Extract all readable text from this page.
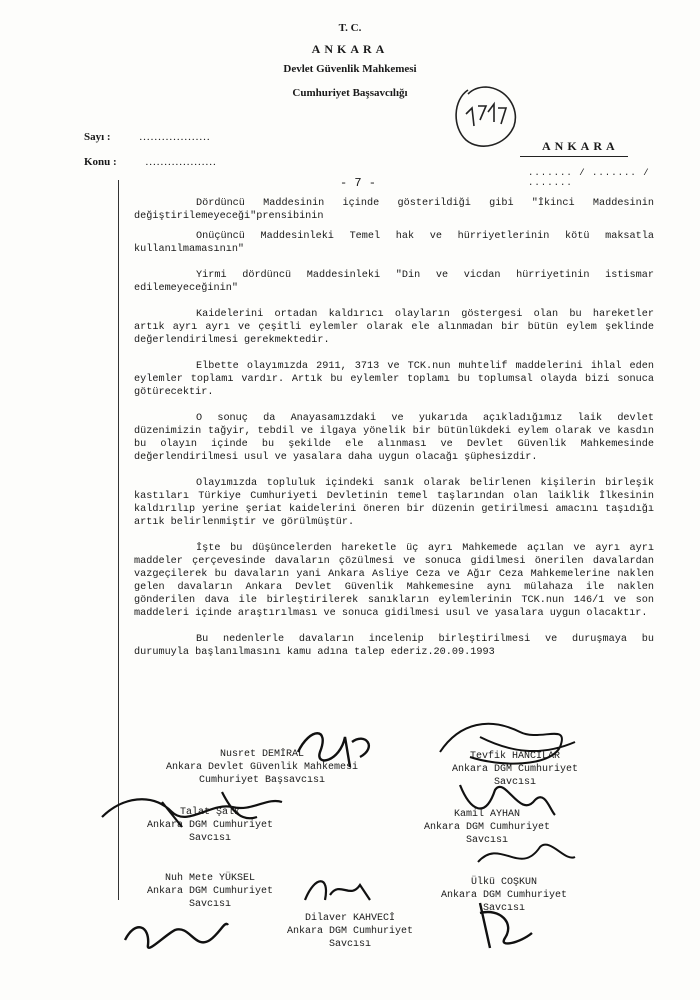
T. C.
ANKARA
Devlet Güvenlik Mahkemesi
Cumhuriyet Başsavcılığı
Sayı :	...................
Konu :	...................
ANKARA
....... / ....... / .......
- 7 -

Dördüncü Maddesinin içinde gösterildiği gibi "İkinci Maddesinin değiştirilemeyeceği"prensibinin

Onüçüncü Maddesinleki Temel hak ve hürriyetlerinin kötü maksatla kullanılmamasının"

Yirmi dördüncü Maddesinleki "Din ve vicdan hürriyetinin istismar edilemeyeceğinin"

Kaidelerini ortadan kaldırıcı olayların göstergesi olan bu hareketler artık ayrı ayrı ve çeşitli eylemler olarak ele alınmadan bir bütün eylem şeklinde değerlendirilmesi gerekmektedir.

Elbette olayımızda 2911, 3713 ve TCK.nun muhtelif maddelerini ihlal eden eylemler toplamı vardır. Artık bu eylemler toplamı bu toplumsal olayda bizi sonuca götürecektir.

O sonuç da Anayasamızdaki ve yukarıda açıkladığımız laik devlet düzenimizin tağyir, tebdil ve ilgaya yönelik bir bütünlükdeki eylem olarak ve kasdın bu olayın içinde bu şekilde ele alınması ve Devlet Güvenlik Mahkemesinde değerlendirilmesi usul ve yasalara daha uygun olacağı şüphesizdir.

Olayımızda topluluk içindeki sanık olarak belirlenen kişilerin birleşik kastıları Türkiye Cumhuriyeti Devletinin temel taşlarından olan laiklik İlkesinin kaldırılıp yerine şeriat kaidelerini öneren bir düzenin getirilmesi amacını taşıdığı artık belirlenmiştir ve görülmüştür.

İşte bu düşüncelerden hareketle üç ayrı Mahkemede açılan ve ayrı ayrı maddeler çerçevesinde davaların çözülmesi ve sonuca gidilmesi önerilen davalardan vazgeçilerek bu davaların yani Ankara Asliye Ceza ve Ağır Ceza Mahkemelerine naklen gelen davaların Ankara Devlet Güvenlik Mahkemesine aynı mülahaza ile naklen gönderilen dava ile birleştirilerek sanıkların eylemlerinin TCK.nun 146/1 ve son maddeleri içinde araştırılması ve sonuca gidilmesi usul ve yasalara uygun olacaktır.

Bu nedenlerle davaların incelenip birleştirilmesi ve duruşmaya bu durumuyla başlanılmasını kamu adına talep ederiz.20.09.1993

Nusret DEMİRAL
Ankara Devlet Güvenlik Mahkemesi
Cumhuriyet Başsavcısı
Tevfik HANCILAR
Ankara DGM Cumhuriyet
Savcısı
Talat Şalk
Ankara DGM Cumhuriyet
Savcısı
Kamil AYHAN
Ankara DGM Cumhuriyet
Savcısı
Nuh Mete YÜKSEL
Ankara DGM Cumhuriyet
Savcısı
Ülkü COŞKUN
Ankara DGM Cumhuriyet
Savcısı
Dilaver KAHVECİ
Ankara DGM Cumhuriyet
Savcısı
